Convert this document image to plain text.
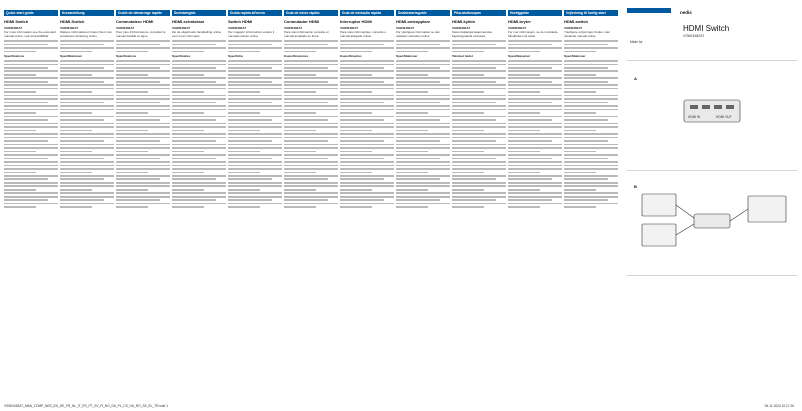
Quick start guide
HDMI Switch
VSWI3482AT
For more information see the extended manual online: ned.is/vswi3482at
Specifications
Kurzanleitung
HDMI-Switch
VSWI3482AT
Weitere Informationen finden Sie in der erweiterten Anleitung online
Spezifikationen
Guide de démarrage rapide
Commutateur HDMI
VSWI3482AT
Pour plus d'informations, consultez le manuel détaillé en ligne
Spécifications
Snelstartgids
HDMI-schakelaar
VSWI3482AT
Zie de uitgebreide handleiding online voor meer informatie
Specificaties
Guida rapida all'avvio
Switch HDMI
VSWI3482AT
Per maggiori informazioni vedere il manuale esteso online
Specifiche
Guía de inicio rápido
Conmutador HDMI
VSWI3482AT
Para más información consulte el manual ampliado en línea
Especificaciones
Guia de iniciação rápida
Interruptor HDMI
VSWI3482AT
Para mais informações, consulte o manual alargado online
Especificações
Snabbstartsguide
HDMI-omkopplare
VSWI3482AT
För ytterligare information se den utökade manualen online
Specifikationer
Pika-aloitusopas
HDMI-kytkin
VSWI3482AT
Katso lisätietoja laajennetusta käyttöoppaasta verkossa
Tekniset tiedot
Hurtigguide
HDMI-bryter
VSWI3482AT
For mer informasjon, se den utvidede håndboken på nettet
Spesifikasjoner
Vejledning til hurtig start
HDMI-switch
VSWI3482AT
Yderligere oplysninger findes i den udvidede manual online
Specifikationer
nedis
HDMI Switch
VSWI3482AT
Made for
A
HDMI IN	HDMI OUT
B
VSWI3482AT_MAN_COMP_NED_EN_DE_FR_NL_IT_ES_PT_SV_FI_NO_DA_PL_CS_HU_RO_SK_EL_TR.indd 1	06-11-2023 10:17:26
